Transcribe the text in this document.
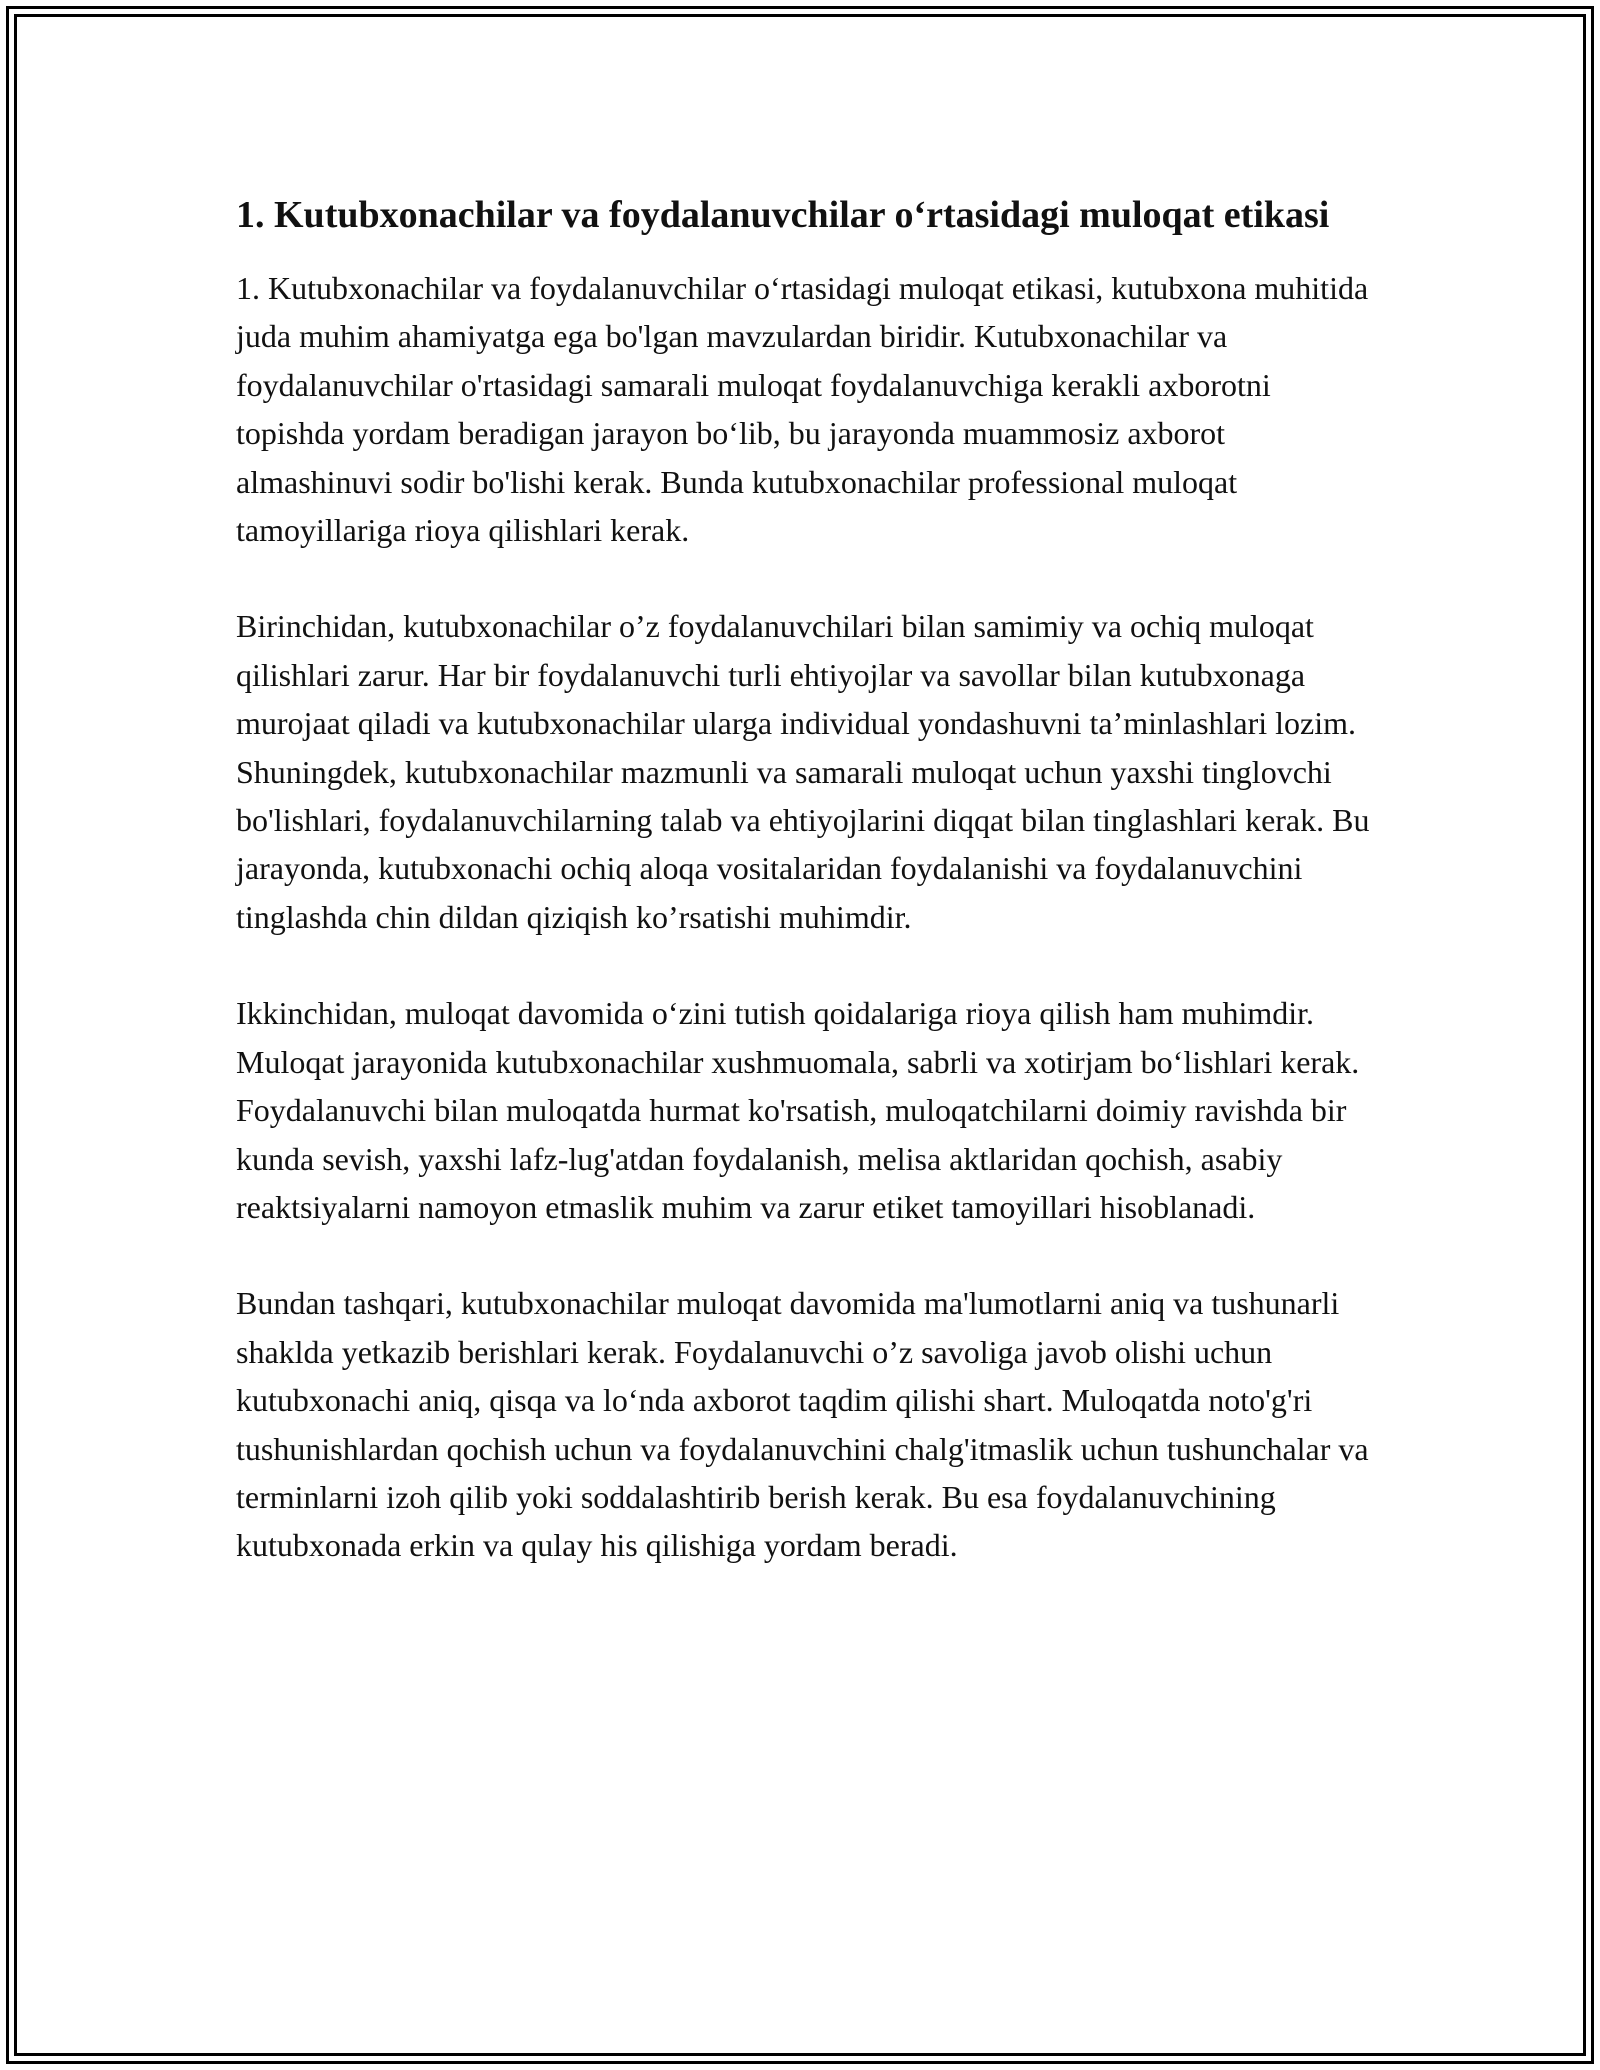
1. Kutubxonachilar va foydalanuvchilar o‘rtasidagi muloqat etikasi

1. Kutubxonachilar va foydalanuvchilar o‘rtasidagi muloqat etikasi, kutubxona muhitida juda muhim ahamiyatga ega bo'lgan mavzulardan biridir. Kutubxonachilar va foydalanuvchilar o'rtasidagi samarali muloqat foydalanuvchiga kerakli axborotni topishda yordam beradigan jarayon bo‘lib, bu jarayonda muammosiz axborot almashinuvi sodir bo'lishi kerak. Bunda kutubxonachilar professional muloqat tamoyillariga rioya qilishlari kerak.

Birinchidan, kutubxonachilar o’z foydalanuvchilari bilan samimiy va ochiq muloqat qilishlari zarur. Har bir foydalanuvchi turli ehtiyojlar va savollar bilan kutubxonaga murojaat qiladi va kutubxonachilar ularga individual yondashuvni ta’minlashlari lozim. Shuningdek, kutubxonachilar mazmunli va samarali muloqat uchun yaxshi tinglovchi bo'lishlari, foydalanuvchilarning talab va ehtiyojlarini diqqat bilan tinglashlari kerak. Bu jarayonda, kutubxonachi ochiq aloqa vositalaridan foydalanishi va foydalanuvchini tinglashda chin dildan qiziqish ko’rsatishi muhimdir.

Ikkinchidan, muloqat davomida o‘zini tutish qoidalariga rioya qilish ham muhimdir. Muloqat jarayonida kutubxonachilar xushmuomala, sabrli va xotirjam bo‘lishlari kerak. Foydalanuvchi bilan muloqatda hurmat ko'rsatish, muloqatchilarni doimiy ravishda bir kunda sevish, yaxshi lafz-lug'atdan foydalanish, melisa aktlaridan qochish, asabiy reaktsiyalarni namoyon etmaslik muhim va zarur etiket tamoyillari hisoblanadi.

Bundan tashqari, kutubxonachilar muloqat davomida ma'lumotlarni aniq va tushunarli shaklda yetkazib berishlari kerak. Foydalanuvchi o’z savoliga javob olishi uchun kutubxonachi aniq, qisqa va lo‘nda axborot taqdim qilishi shart. Muloqatda noto'g'ri tushunishlardan qochish uchun va foydalanuvchini chalg'itmaslik uchun tushunchalar va terminlarni izoh qilib yoki soddalashtirib berish kerak. Bu esa foydalanuvchining kutubxonada erkin va qulay his qilishiga yordam beradi.
